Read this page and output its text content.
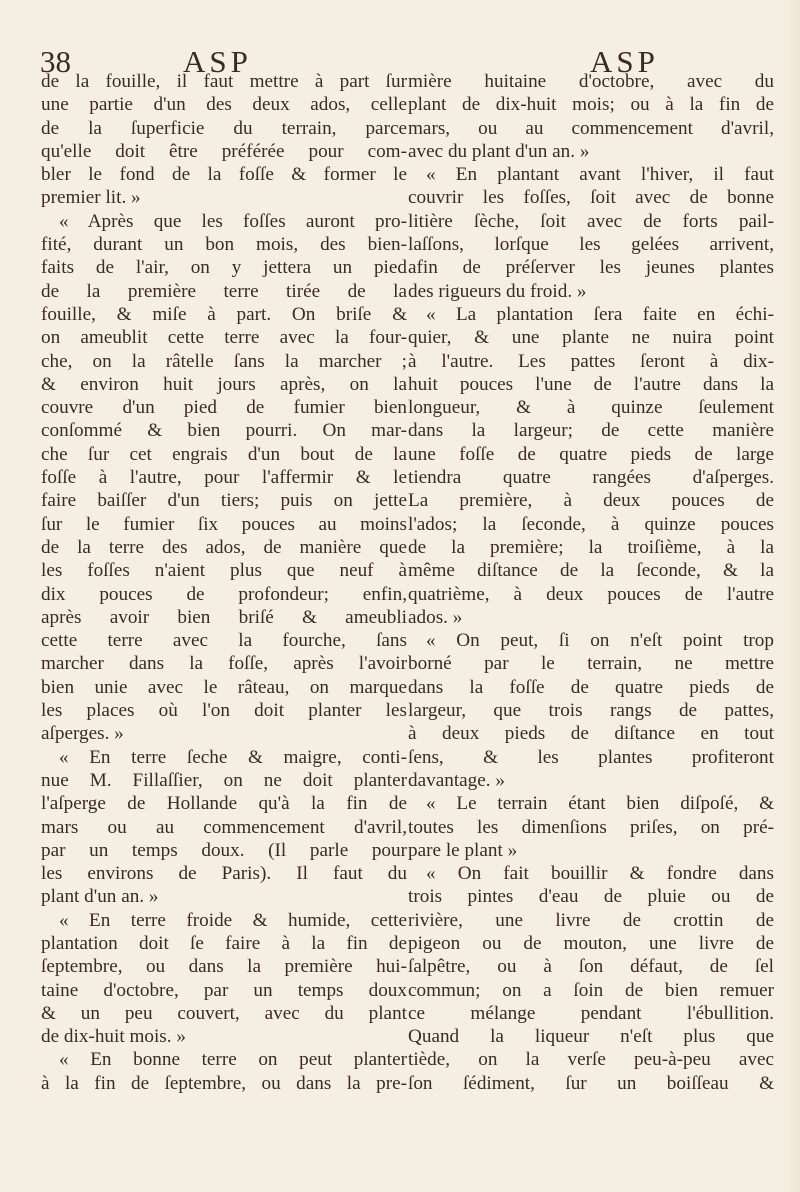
38	ASP	ASP
de la fouille, il faut mettre à part ſur
une partie d'un des deux ados, celle
de la ſuperficie du terrain, parce
qu'elle doit être préférée pour com-
bler le fond de la foſſe & former le
premier lit. »
« Après que les foſſes auront pro-
fité, durant un bon mois, des bien-
faits de l'air, on y jettera un pied
de la première terre tirée de la
fouille, & miſe à part. On briſe &
on ameublit cette terre avec la four-
che, on la râtelle ſans la marcher ;
& environ huit jours après, on la
couvre d'un pied de fumier bien
conſommé & bien pourri. On mar-
che ſur cet engrais d'un bout de la
foſſe à l'autre, pour l'affermir & le
faire baiſſer d'un tiers; puis on jette
ſur le fumier ſix pouces au moins
de la terre des ados, de manière que
les foſſes n'aient plus que neuf à
dix pouces de profondeur; enfin,
après avoir bien briſé & ameubli
cette terre avec la fourche, ſans
marcher dans la foſſe, après l'avoir
bien unie avec le râteau, on marque
les places où l'on doit planter les
aſperges. »
« En terre ſeche & maigre, conti-
nue M. Fillaſſier, on ne doit planter
l'aſperge de Hollande qu'à la fin de
mars ou au commencement d'avril,
par un temps doux. (Il parle pour
les environs de Paris). Il faut du
plant d'un an. »
« En terre froide & humide, cette
plantation doit ſe faire à la fin de
ſeptembre, ou dans la première hui-
taine d'octobre, par un temps doux
& un peu couvert, avec du plant
de dix-huit mois. »
« En bonne terre on peut planter
à la fin de ſeptembre, ou dans la pre-
mière huitaine d'octobre, avec du
plant de dix-huit mois; ou à la fin de
mars, ou au commencement d'avril,
avec du plant d'un an. »
« En plantant avant l'hiver, il faut
couvrir les foſſes, ſoit avec de bonne
litière ſèche, ſoit avec de forts pail-
laſſons, lorſque les gelées arrivent,
afin de préſerver les jeunes plantes
des rigueurs du froid. »
« La plantation ſera faite en échi-
quier, & une plante ne nuira point
à l'autre. Les pattes ſeront à dix-
huit pouces l'une de l'autre dans la
longueur, & à quinze ſeulement
dans la largeur; de cette manière
une foſſe de quatre pieds de large
tiendra quatre rangées d'aſperges.
La première, à deux pouces de
l'ados; la ſeconde, à quinze pouces
de la première; la troiſième, à la
même diſtance de la ſeconde, & la
quatrième, à deux pouces de l'autre
ados. »
« On peut, ſi on n'eſt point trop
borné par le terrain, ne mettre
dans la foſſe de quatre pieds de
largeur, que trois rangs de pattes,
à deux pieds de diſtance en tout
ſens, & les plantes profiteront
davantage. »
« Le terrain étant bien diſpoſé, &
toutes les dimenſions priſes, on pré-
pare le plant »
« On fait bouillir & fondre dans
trois pintes d'eau de pluie ou de
rivière, une livre de crottin de
pigeon ou de mouton, une livre de
ſalpêtre, ou à ſon défaut, de ſel
commun; on a ſoin de bien remuer
ce mélange pendant l'ébullition.
Quand la liqueur n'eſt plus que
tiède, on la verſe peu-à-peu avec
ſon ſédiment, ſur un boiſſeau &
